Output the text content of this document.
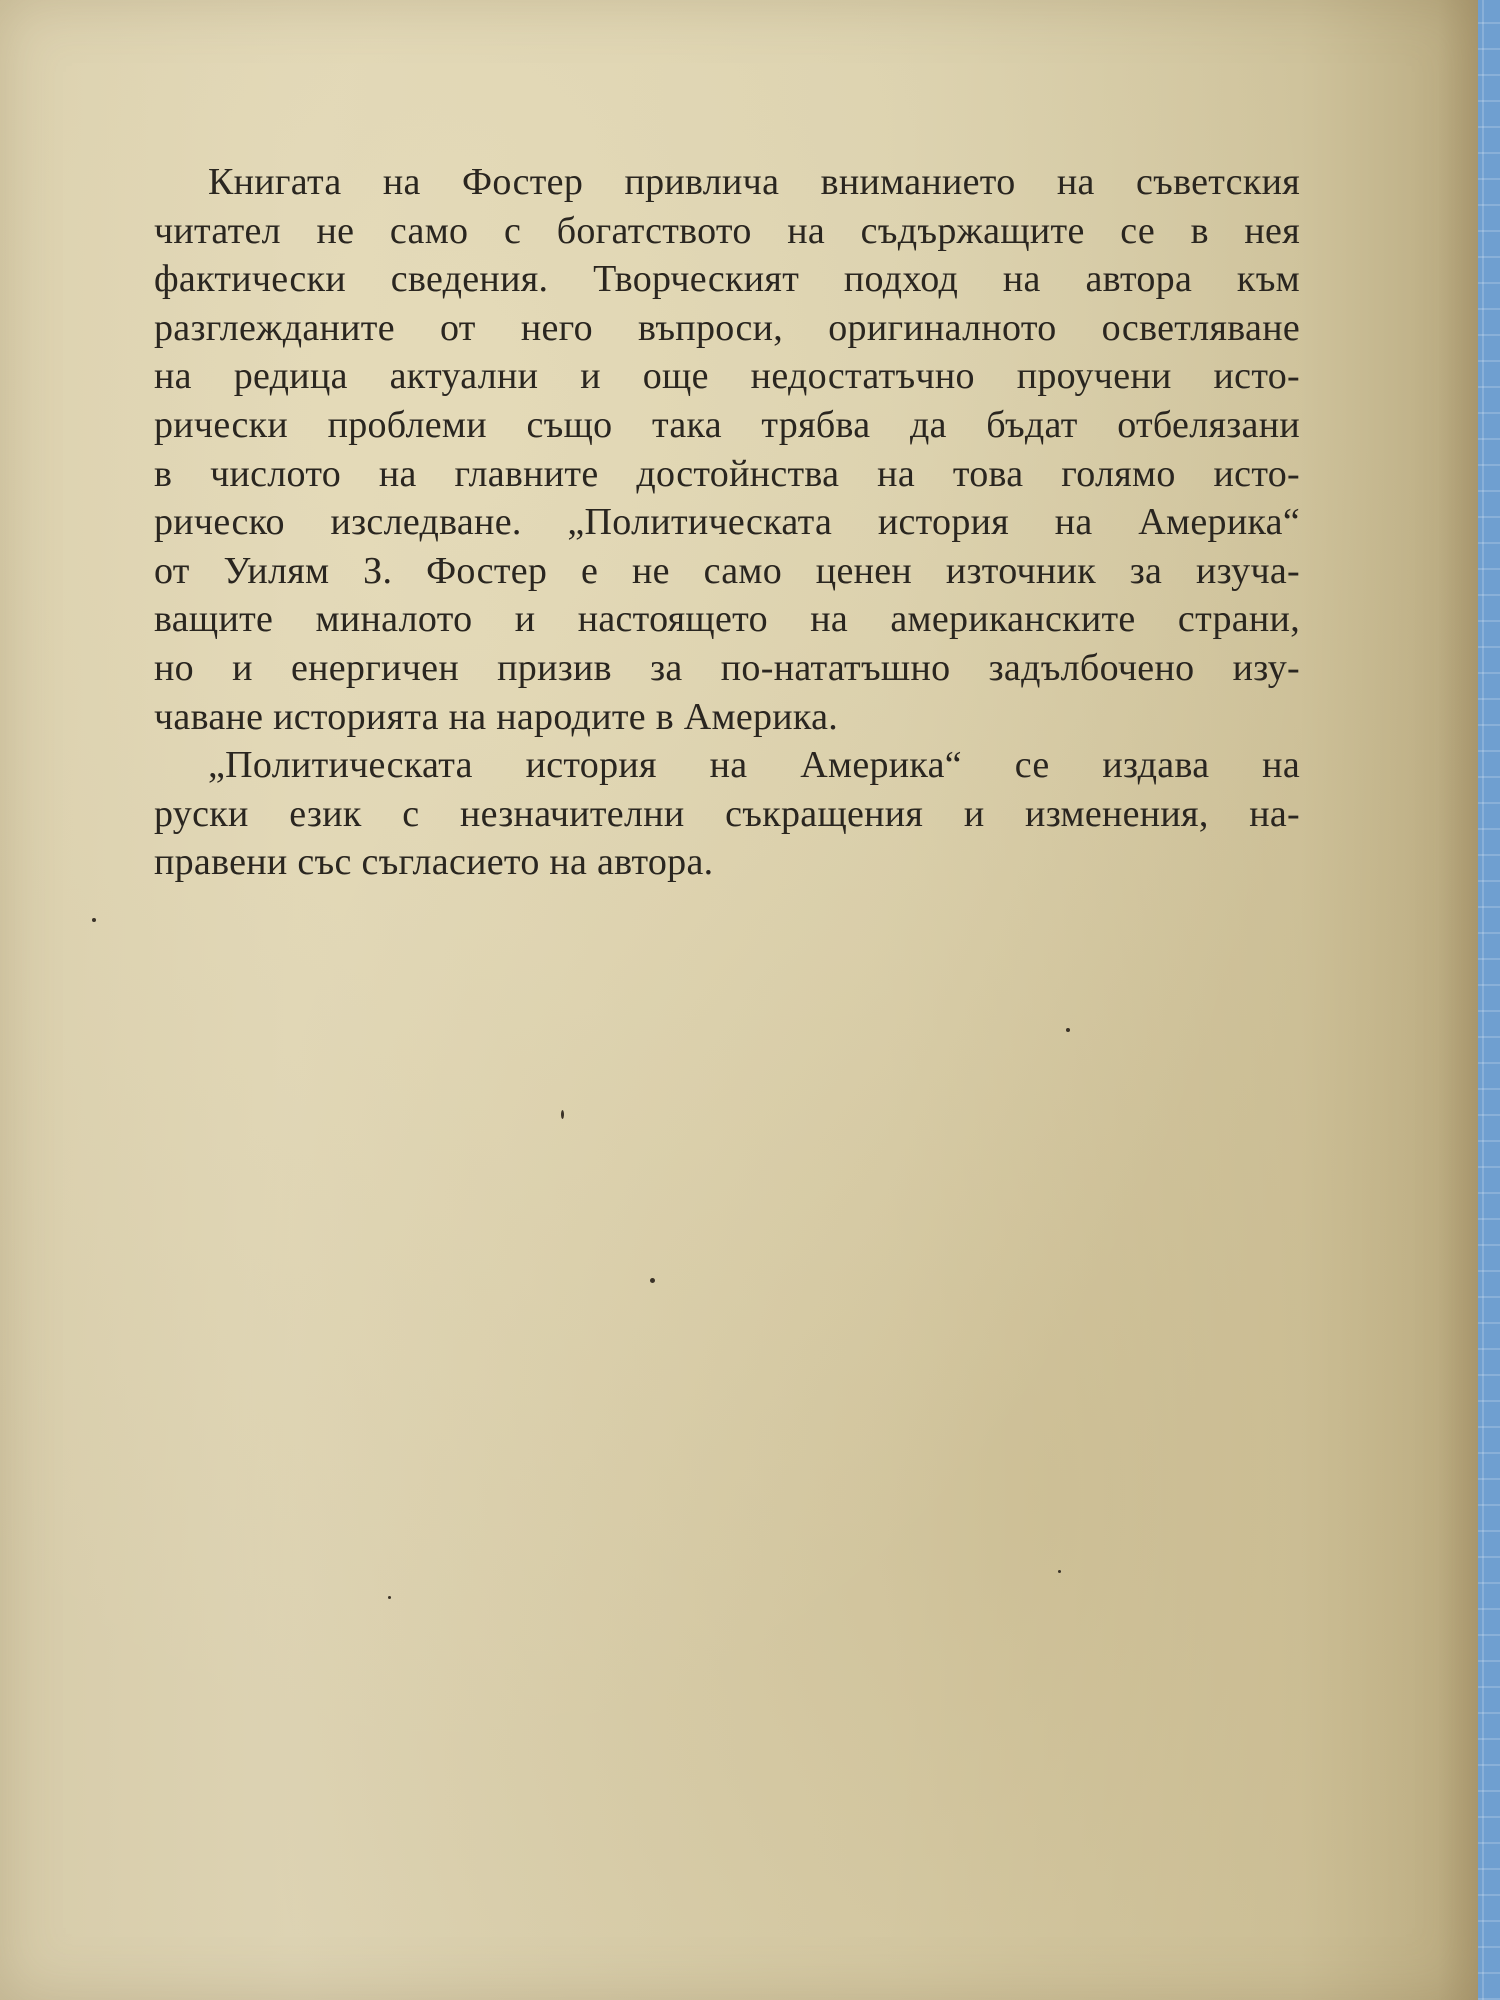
Книгата на Фостер привлича вниманието на съветския
читател не само с богатството на съдържащите се в нея
фактически сведения. Творческият подход на автора към
разглежданите от него въпроси, оригиналното осветляване
на редица актуални и още недостатъчно проучени исто-
рически проблеми също така трябва да бъдат отбелязани
в числото на главните достойнства на това голямо исто-
рическо изследване. „Политическата история на Америка“
от Уилям З. Фостер е не само ценен източник за изуча-
ващите миналото и настоящето на американските страни,
но и енергичен призив за по-нататъшно задълбочено изу-
чаване историята на народите в Америка.
„Политическата история на Америка“ се издава на
руски език с незначителни съкращения и изменения, на-
правени със съгласието на автора.
